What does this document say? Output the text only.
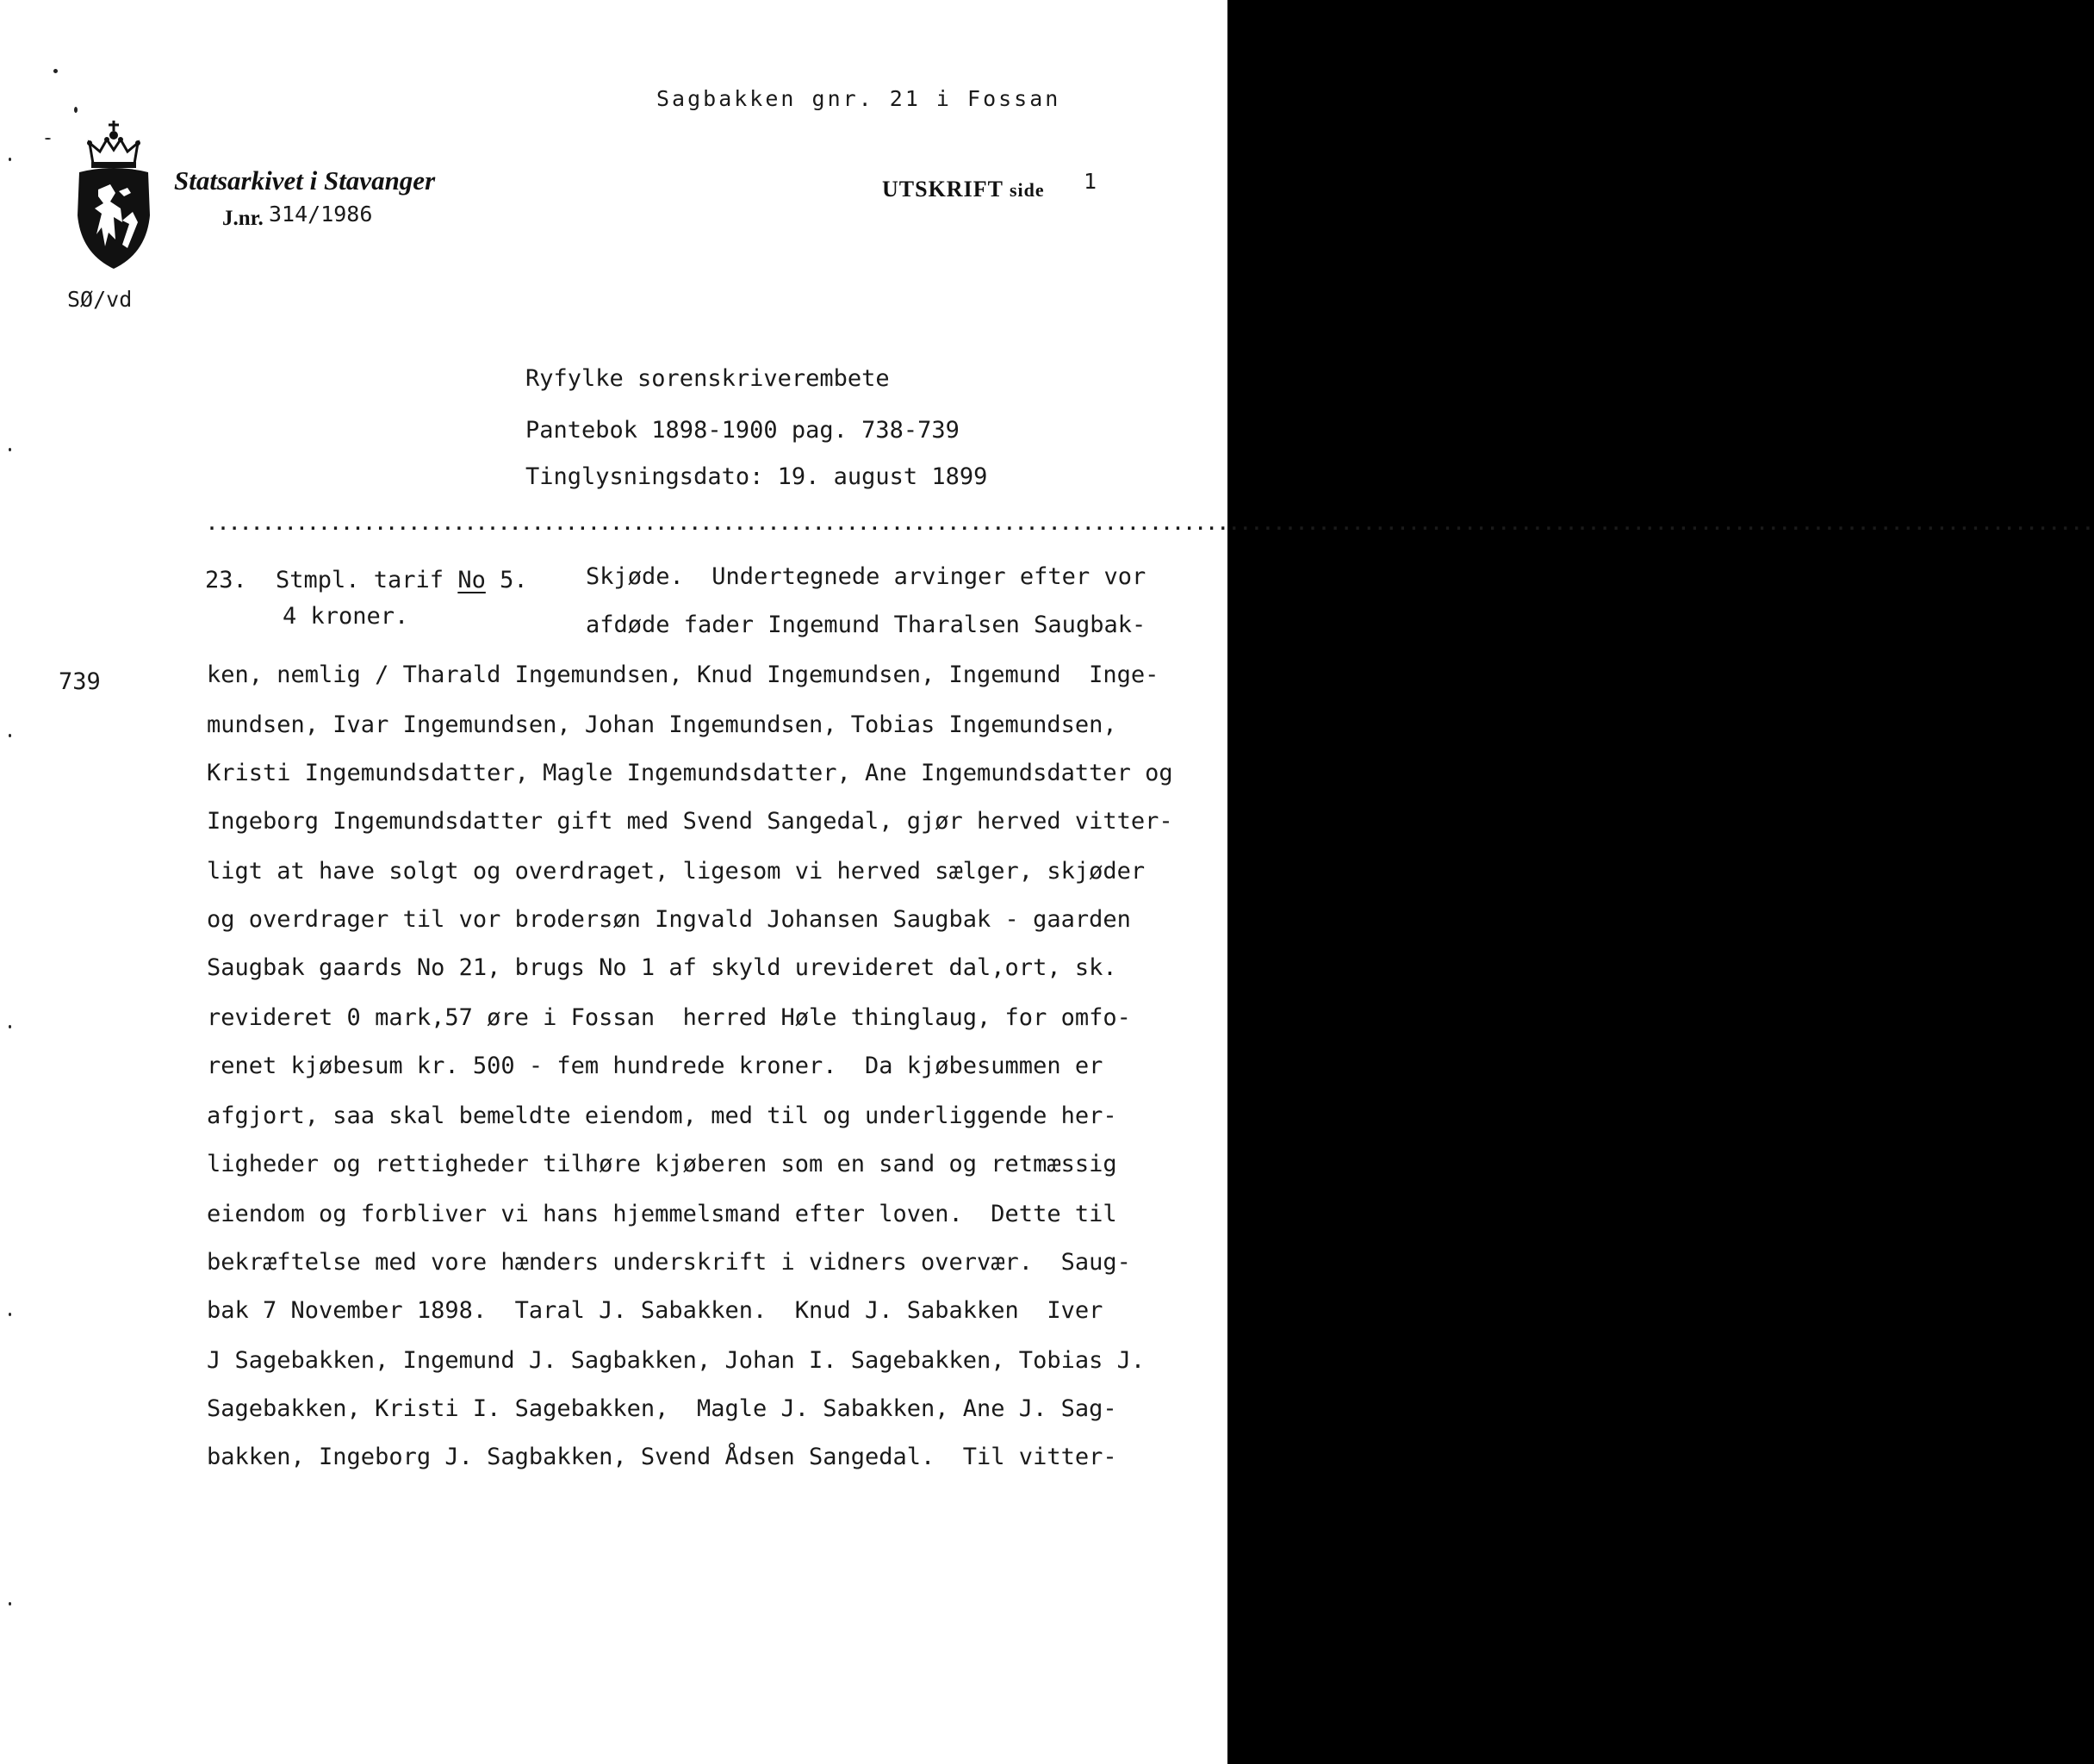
Sagbakken gnr. 21 i Fossan
Statsarkivet i Stavanger
J.nr. 314/1986
UTSKRIFT side 1
SØ/vd
Ryfylke sorenskriverembete
Pantebok 1898-1900 pag. 738-739
Tinglysningsdato: 19. august 1899
........................................................................................................................................................................
23. Stmpl. tarif No 5.
4 kroner.
739
Skjøde.  Undertegnede arvinger efter vor
afdøde fader Ingemund Tharalsen Saugbak-
ken, nemlig / Tharald Ingemundsen, Knud Ingemundsen, Ingemund  Inge-
mundsen, Ivar Ingemundsen, Johan Ingemundsen, Tobias Ingemundsen,
Kristi Ingemundsdatter, Magle Ingemundsdatter, Ane Ingemundsdatter og
Ingeborg Ingemundsdatter gift med Svend Sangedal, gjør herved vitter-
ligt at have solgt og overdraget, ligesom vi herved sælger, skjøder
og overdrager til vor brodersøn Ingvald Johansen Saugbak - gaarden
Saugbak gaards No 21, brugs No 1 af skyld urevideret dal,ort, sk.
revideret 0 mark,57 øre i Fossan  herred Høle thinglaug, for omfo-
renet kjøbesum kr. 500 - fem hundrede kroner.  Da kjøbesummen er
afgjort, saa skal bemeldte eiendom, med til og underliggende her-
ligheder og rettigheder tilhøre kjøberen som en sand og retmæssig
eiendom og forbliver vi hans hjemmelsmand efter loven.  Dette til
bekræftelse med vore hænders underskrift i vidners overvær.  Saug-
bak 7 November 1898.  Taral J. Sabakken.  Knud J. Sabakken  Iver
J Sagebakken, Ingemund J. Sagbakken, Johan I. Sagebakken, Tobias J.
Sagebakken, Kristi I. Sagebakken,  Magle J. Sabakken, Ane J. Sag-
bakken, Ingeborg J. Sagbakken, Svend Ådsen Sangedal.  Til vitter-
